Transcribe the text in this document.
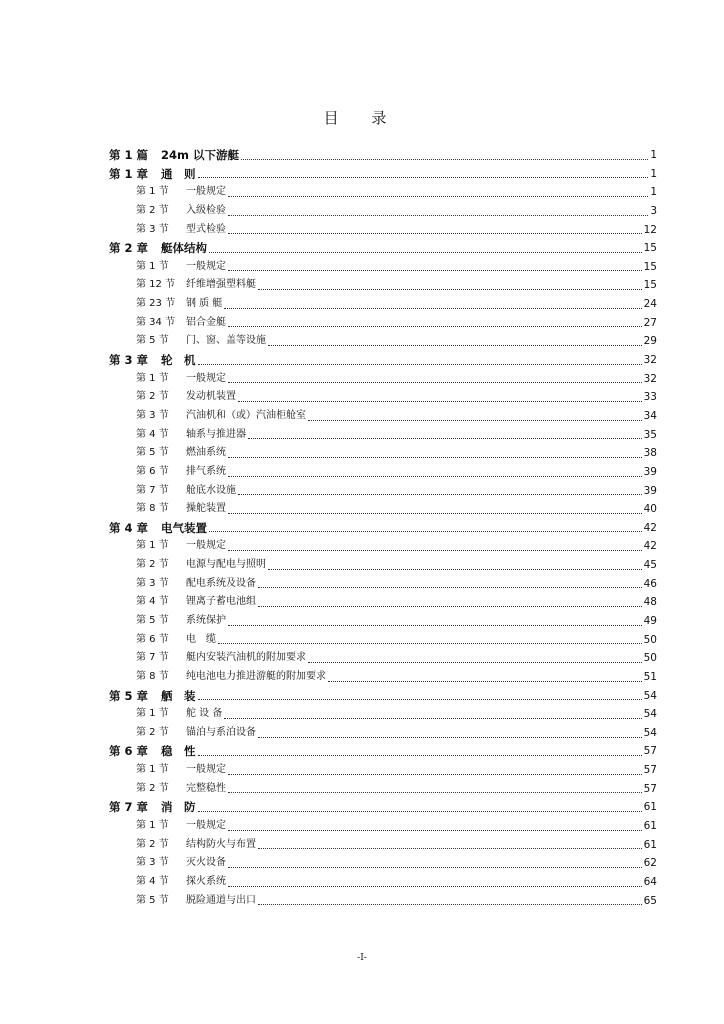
目 录
第 1 篇	24m 以下游艇	1
第 1 章	通　则	1
第 1 节	一般规定	1
第 2 节	入级检验	3
第 3 节	型式检验	12
第 2 章	艇体结构	15
第 1 节	一般规定	15
第 12 节	纤维增强塑料艇	15
第 23 节	钢 质 艇	24
第 34 节	铝合金艇	27
第 5 节	门、窗、盖等设施	29
第 3 章	轮　机	32
第 1 节	一般规定	32
第 2 节	发动机装置	33
第 3 节	汽油机和（或）汽油柜舱室	34
第 4 节	轴系与推进器	35
第 5 节	燃油系统	38
第 6 节	排气系统	39
第 7 节	舱底水设施	39
第 8 节	操舵装置	40
第 4 章	电气装置	42
第 1 节	一般规定	42
第 2 节	电源与配电与照明	45
第 3 节	配电系统及设备	46
第 4 节	锂离子蓄电池组	48
第 5 节	系统保护	49
第 6 节	电　缆	50
第 7 节	艇内安装汽油机的附加要求	50
第 8 节	纯电池电力推进游艇的附加要求	51
第 5 章	舾　装	54
第 1 节	舵 设 备	54
第 2 节	锚泊与系泊设备	54
第 6 章	稳　性	57
第 1 节	一般规定	57
第 2 节	完整稳性	57
第 7 章	消　防	61
第 1 节	一般规定	61
第 2 节	结构防火与布置	61
第 3 节	灭火设备	62
第 4 节	探火系统	64
第 5 节	脱险通道与出口	65
-I-
